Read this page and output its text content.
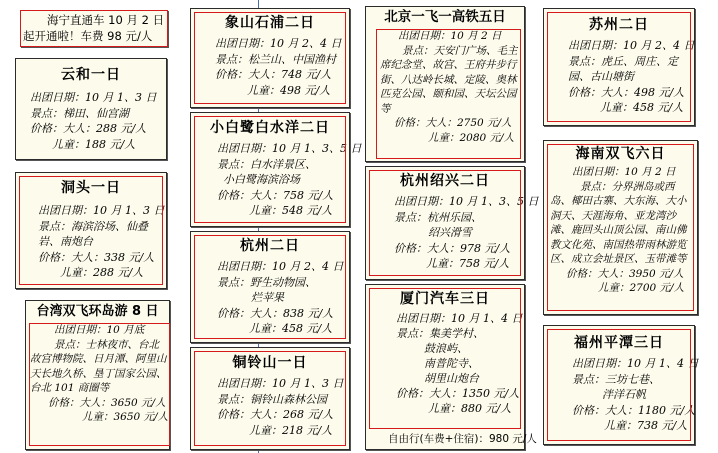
海宁直通车 10 月 2 日
起开通啦！车费 98 元/人
云和一日
出团日期：10 月 1、3 日
景点：梯田、仙宫湖
价格：大人：288 元/人
儿童：188 元/人
洞头一日
出团日期：10 月 1、3 日
景点：海滨浴场、仙叠岩、南炮台
价格：大人：338 元/人
儿童：288 元/人
台湾双飞环岛游 8 日
出团日期：10 月底
景点：士林夜市、台北故宫博物院、日月潭、阿里山天长地久桥、垦丁国家公园、台北 101 商圈等
价格：大人：3650 元/人
儿童：3650 元/人
象山石浦二日
出团日期：10 月 2、4 日
景点：松兰山、中国渔村
价格：大人：748 元/人
儿童：498 元/人
小白鹭白水洋二日
出团日期：10 月 1、3、5 日
景点：白水洋景区、
小白鹭海滨浴场
价格：大人：758 元/人
儿童：548 元/人
杭州二日
出团日期：10 月 2、4 日
景点：野生动物园、
烂苹果
价格：大人：838 元/人
儿童：458 元/人
铜铃山一日
出团日期：10 月 1、3 日
景点：铜铃山森林公园
价格：大人：268 元/人
儿童：218 元/人
北京一飞一高铁五日
出团日期：10 月 2 日
景点：天安门广场、毛主席纪念堂、故宫、王府井步行街、八达岭长城、定陵、奥林匹克公园、颐和园、天坛公园等
价格：大人：2750 元/人
儿童：2080 元/人
杭州绍兴二日
出团日期：10 月 1、3、5 日
景点：杭州乐园、
绍兴滑雪
价格：大人：978 元/人
儿童：758 元/人
厦门汽车三日
出团日期：10 月 1、4 日
景点：集美学村、
鼓浪屿、
南普陀寺、
胡里山炮台
价格：大人：1350 元/人
儿童：880 元/人
自由行(车费+住宿)：980 元/人
苏州二日
出团日期：10 月 2、4 日
景点：虎丘、周庄、定园、古山塘街
价格：大人：498 元/人
儿童：458 元/人
海南双飞六日
出团日期：10 月 2 日
景点：分界洲岛或西岛、椰田古寨、大东海、大小洞天、天涯海角、亚龙湾沙滩、鹿回头山顶公园、南山佛教文化苑、南国热带雨林游览区、成立会址景区、玉带滩等
价格：大人：3950 元/人
儿童：2700 元/人
福州平潭三日
出团日期：10 月 1、4 日
景点：三坊七巷、
泮洋石帆
价格：大人：1180 元/人
儿童：738 元/人
